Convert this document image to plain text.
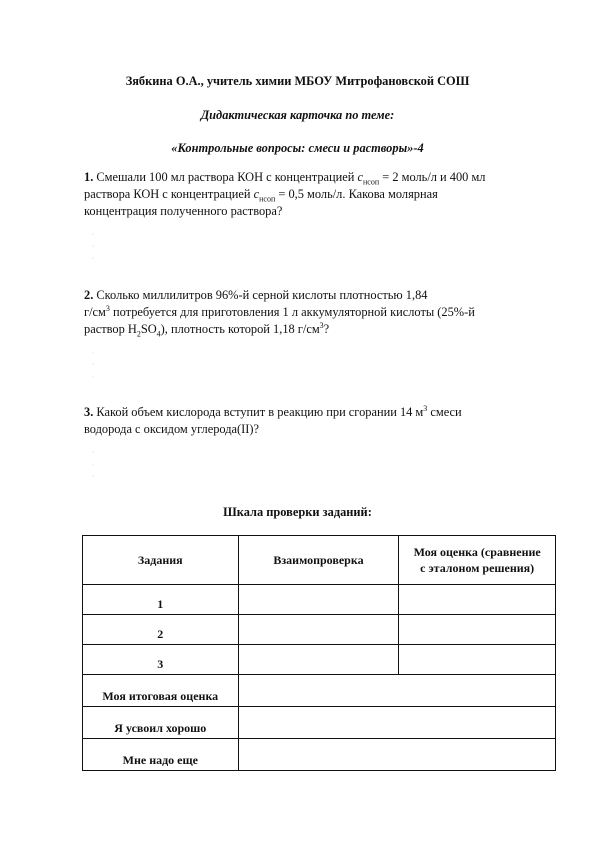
Зябкина О.А., учитель химии МБОУ Митрофановской СОШ
Дидактическая карточка по теме:
«Контрольные вопросы: смеси и растворы»-4
1. Смешали 100 мл раствора КОН с концентрацией $c_{нсоп} = 2$ моль/л и 400 мл
раствора КОН с концентрацией $c_{нсоп} = 0,5$ моль/л. Какова молярная
концентрация полученного раствора?
·
·
·
2. Сколько миллилитров 96%-й серной кислоты плотностью 1,84
$г/см^3$ потребуется для приготовления 1 л аккумуляторной кислоты (25%-й
раствор $H_2SO_4$), плотность которой 1,18 $г/см^3$?
·
·
·
3. Какой объем кислорода вступит в реакцию при сгорании 14 $м^3$ смеси
водорода с оксидом углерода(II)?
·
·
·
Шкала проверки заданий:
Задания	Взаимопроверка	Моя оценка (сравнение
с эталоном решения)
1		
2		
3		
Моя итоговая оценка		
Я усвоил хорошо		
Мне надо еще		
